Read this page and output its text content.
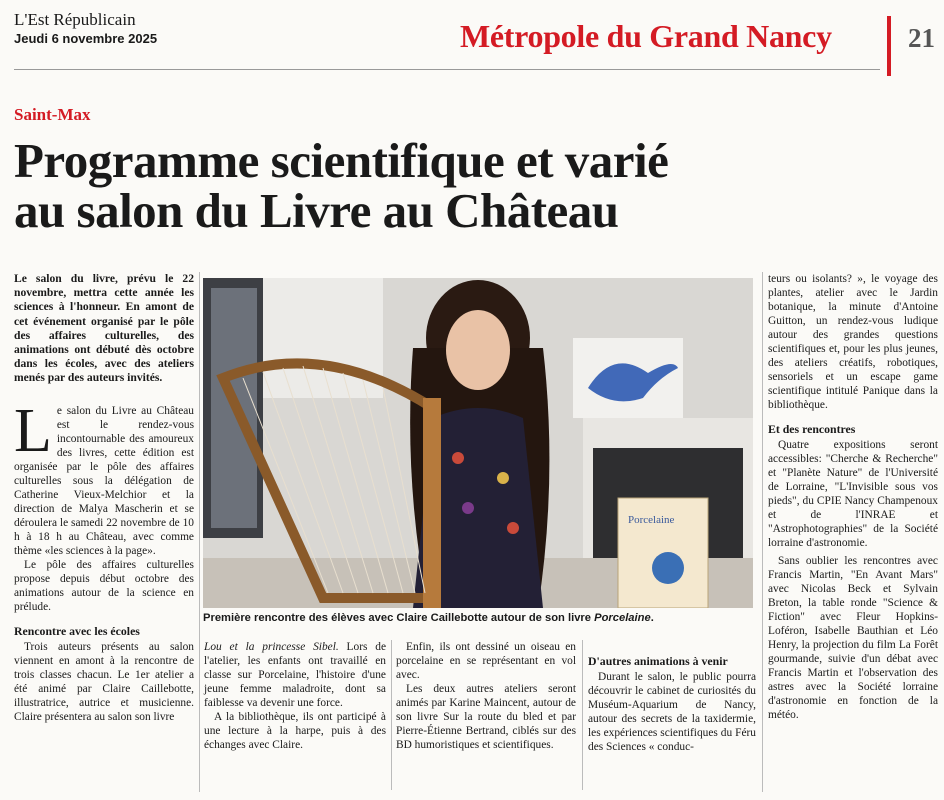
L'Est Républicain
Jeudi 6 novembre 2025	Métropole du Grand Nancy	21
Saint-Max
Programme scientifique et varié
au salon du Livre au Château

Le salon du livre, prévu le 22 novembre, mettra cette année les sciences à l'honneur. En amont de cet événement organisé par le pôle des affaires culturelles, des animations ont débuté dès octobre dans les écoles, avec des ateliers menés par des auteurs invités.

Le salon du Livre au Château est le rendez-vous incontournable des amoureux des livres, cette édition est organisée par le pôle des affaires culturelles sous la délégation de Catherine Vieux-Melchior et la direction de Malya Mascherin et se déroulera le samedi 22 novembre de 10 h à 18 h au Château, avec comme thème «les sciences à la page».

Le pôle des affaires culturelles propose depuis début octobre des animations autour de la science en prélude.

Rencontre avec les écoles

Trois auteurs présents au salon viennent en amont à la rencontre de trois classes chacun. Le 1er atelier a été animé par Claire Caillebotte, illustratrice, autrice et musicienne. Claire présentera au salon son livre

Porcelaine
Première rencontre des élèves avec Claire Caillebotte autour de son livre Porcelaine.

Lou et la princesse Sibel. Lors de l'atelier, les enfants ont travaillé en classe sur Porcelaine, l'histoire d'une jeune femme maladroite, dont sa faiblesse va devenir une force.

A la bibliothèque, ils ont participé à une lecture à la harpe, puis à des échanges avec Claire.

Enfin, ils ont dessiné un oiseau en porcelaine en se représentant en vol avec.

Les deux autres ateliers seront animés par Karine Maincent, autour de son livre Sur la route du bled et par Pierre-Étienne Bertrand, ciblés sur des BD humoristiques et scientifiques.

D'autres animations à venir

Durant le salon, le public pourra découvrir le cabinet de curiosités du Muséum-Aquarium de Nancy, autour des secrets de la taxidermie, les expériences scientifiques du Féru des Sciences « conduc-

teurs ou isolants? », le voyage des plantes, atelier avec le Jardin botanique, la minute d'Antoine Guitton, un rendez-vous ludique autour des grandes questions scientifiques et, pour les plus jeunes, des ateliers créatifs, robotiques, sensoriels et un escape game scientifique intitulé Panique dans la bibliothèque.

Et des rencontres

Quatre expositions seront accessibles: "Cherche & Recherche" et "Planète Nature" de l'Université de Lorraine, "L'Invisible sous vos pieds", du CPIE Nancy Champenoux et de l'INRAE et "Astrophotographies" de la Société lorraine d'astronomie.

Sans oublier les rencontres avec Francis Martin, "En Avant Mars" avec Nicolas Beck et Sylvain Breton, la table ronde "Science & Fiction" avec Fleur Hopkins-Loféron, Isabelle Bauthian et Léo Henry, la projection du film La Forêt gourmande, suivie d'un débat avec Francis Martin et l'observation des astres avec la Société lorraine d'astronomie en fonction de la météo.
